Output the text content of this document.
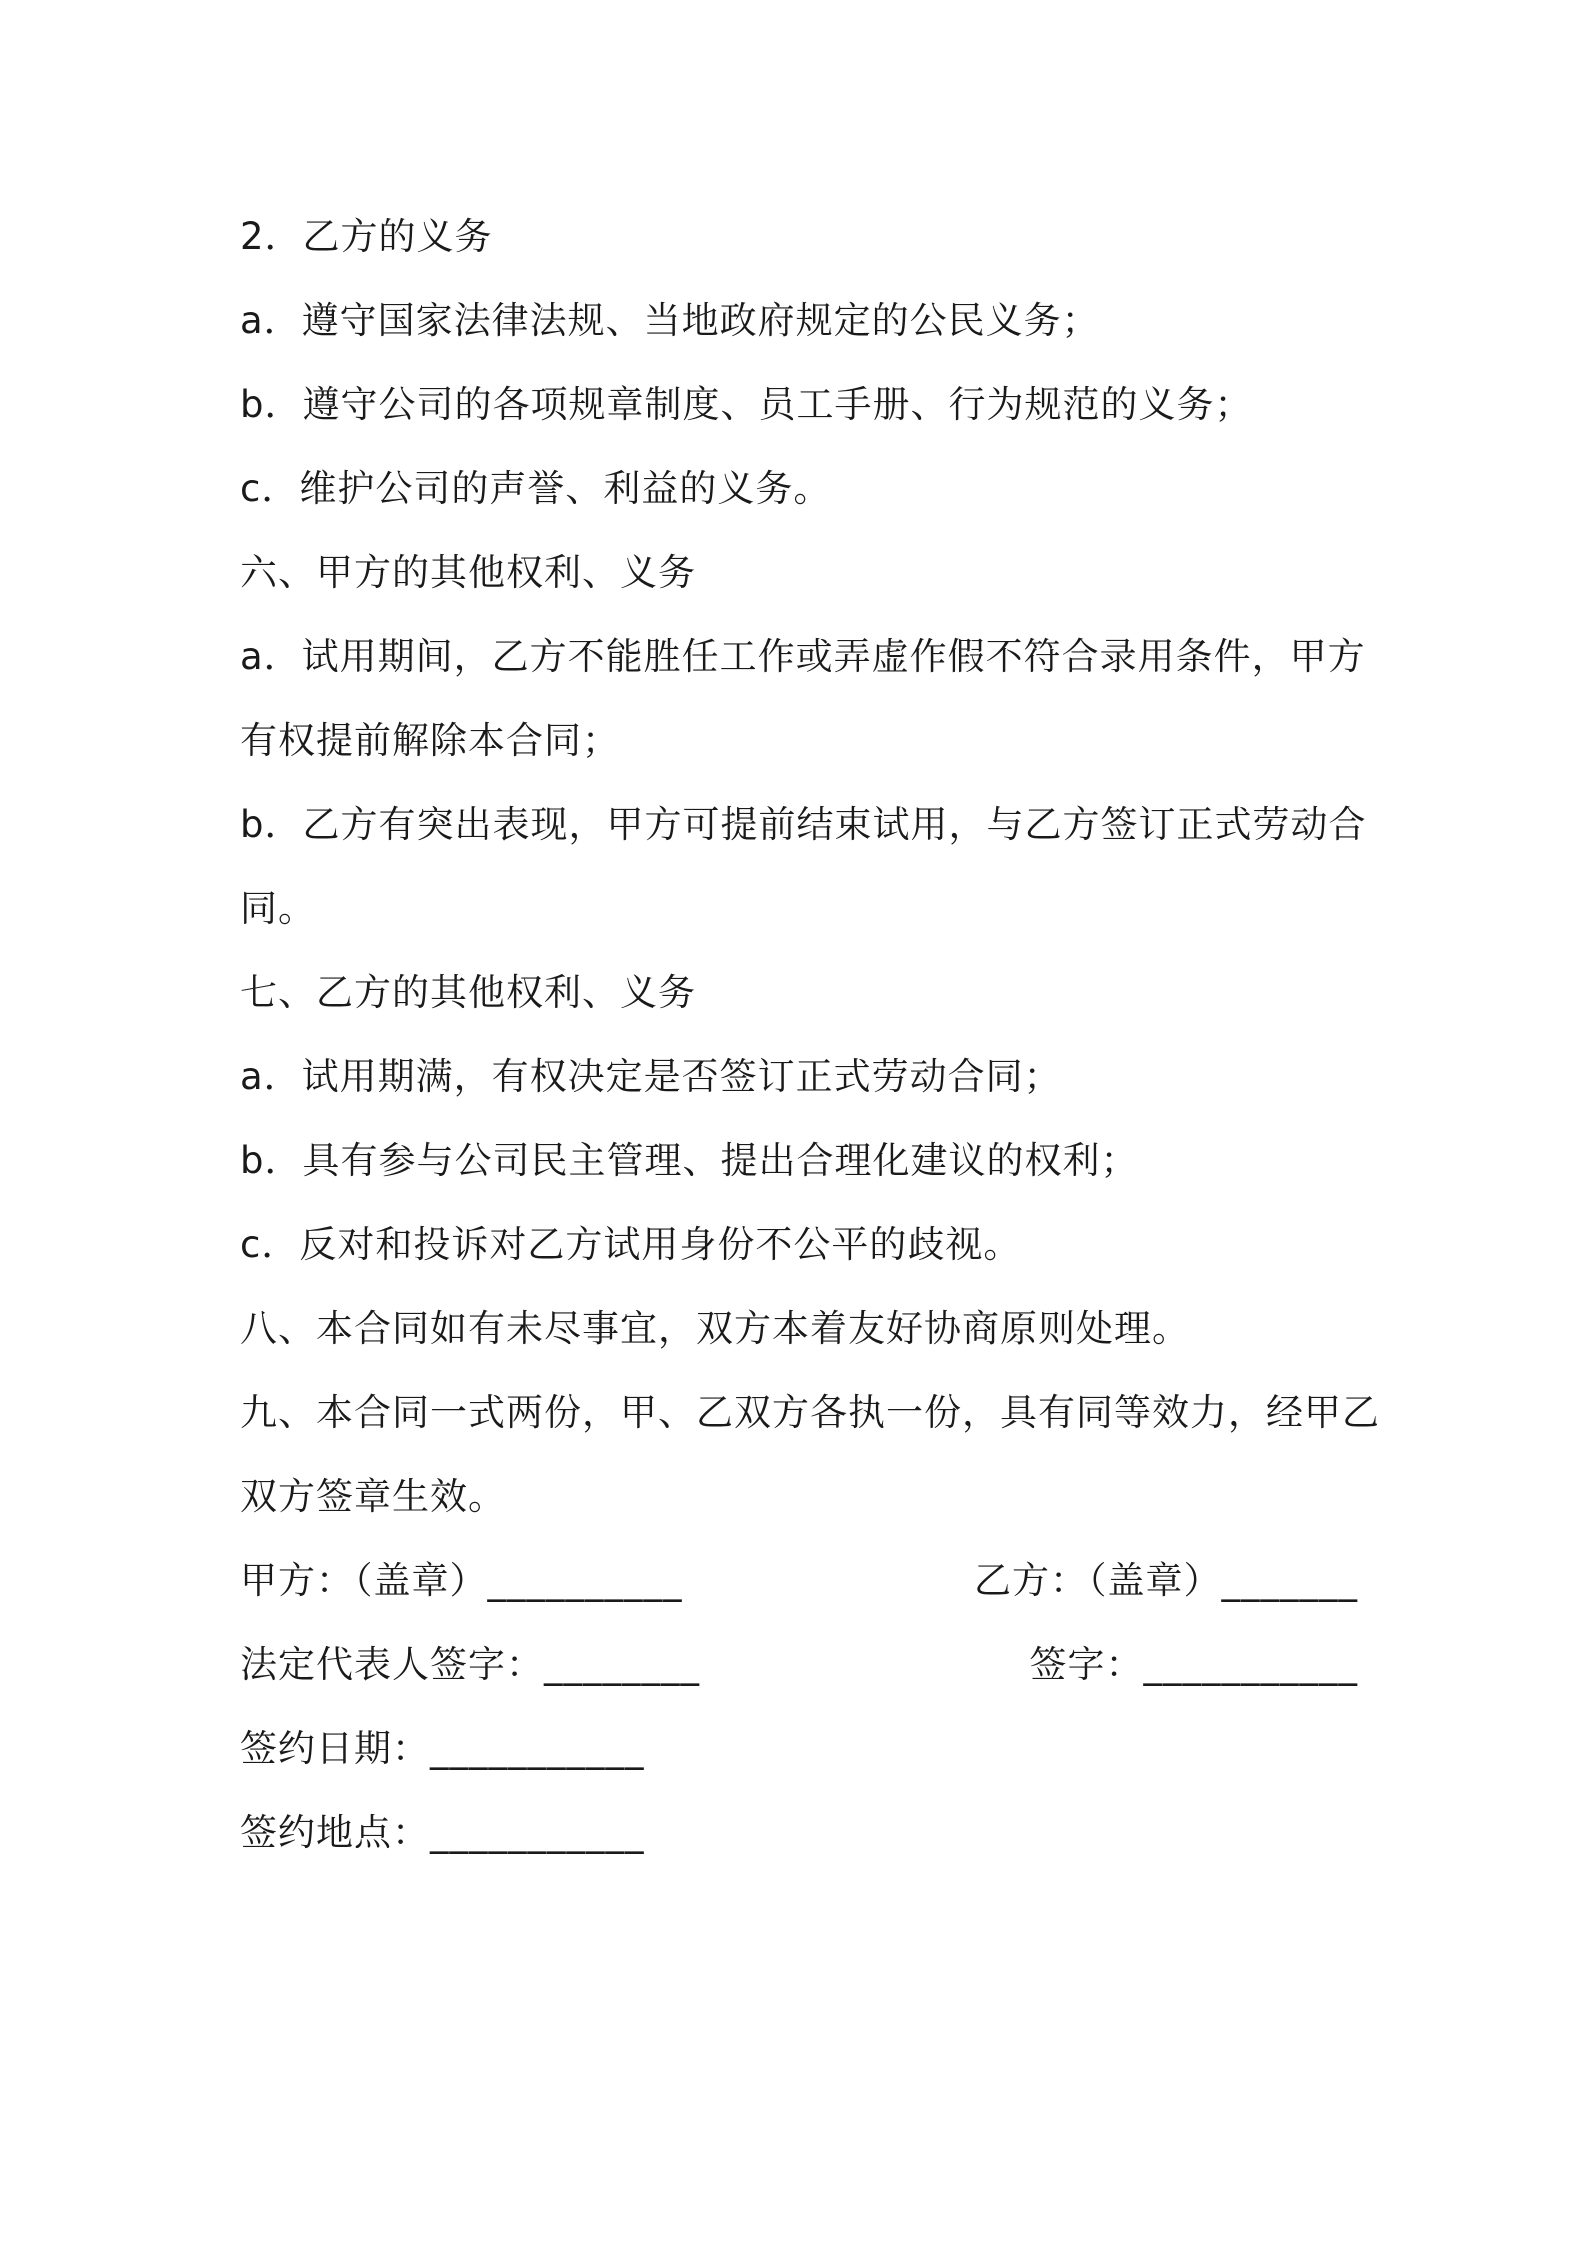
2．乙方的义务
a．遵守国家法律法规、当地政府规定的公民义务；
b．遵守公司的各项规章制度、员工手册、行为规范的义务；
c．维护公司的声誉、利益的义务。
六、甲方的其他权利、义务
a．试用期间，乙方不能胜任工作或弄虚作假不符合录用条件，甲方
有权提前解除本合同；
b．乙方有突出表现，甲方可提前结束试用，与乙方签订正式劳动合
同。
七、乙方的其他权利、义务
a．试用期满，有权决定是否签订正式劳动合同；
b．具有参与公司民主管理、提出合理化建议的权利；
c．反对和投诉对乙方试用身份不公平的歧视。
八、本合同如有未尽事宜，双方本着友好协商原则处理。
九、本合同一式两份，甲、乙双方各执一份，具有同等效力，经甲乙
双方签章生效。
甲方：（盖章）__________	乙方：（盖章）_______
法定代表人签字：________	签字：___________
签约日期：___________
签约地点：___________
